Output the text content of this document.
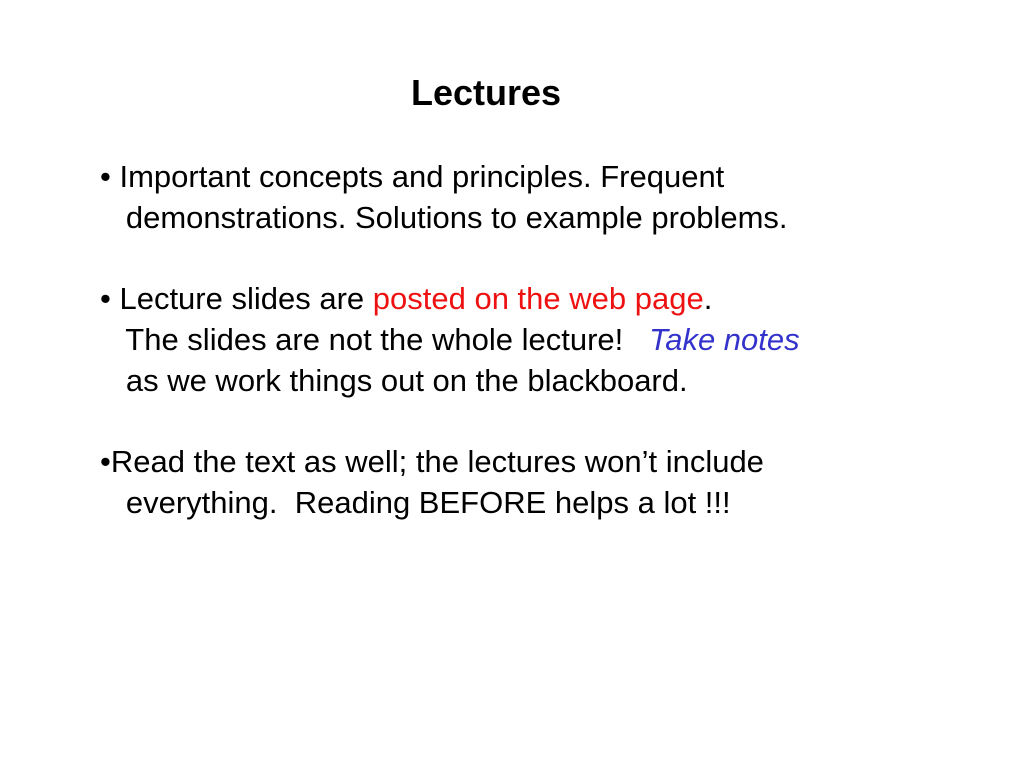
Lectures
• Important concepts and principles. Frequent
demonstrations. Solutions to example problems.
• Lecture slides are posted on the web page.
The slides are not the whole lecture!   Take notes
as we work things out on the blackboard.
•Read the text as well; the lectures won’t include
everything.  Reading BEFORE helps a lot !!!
